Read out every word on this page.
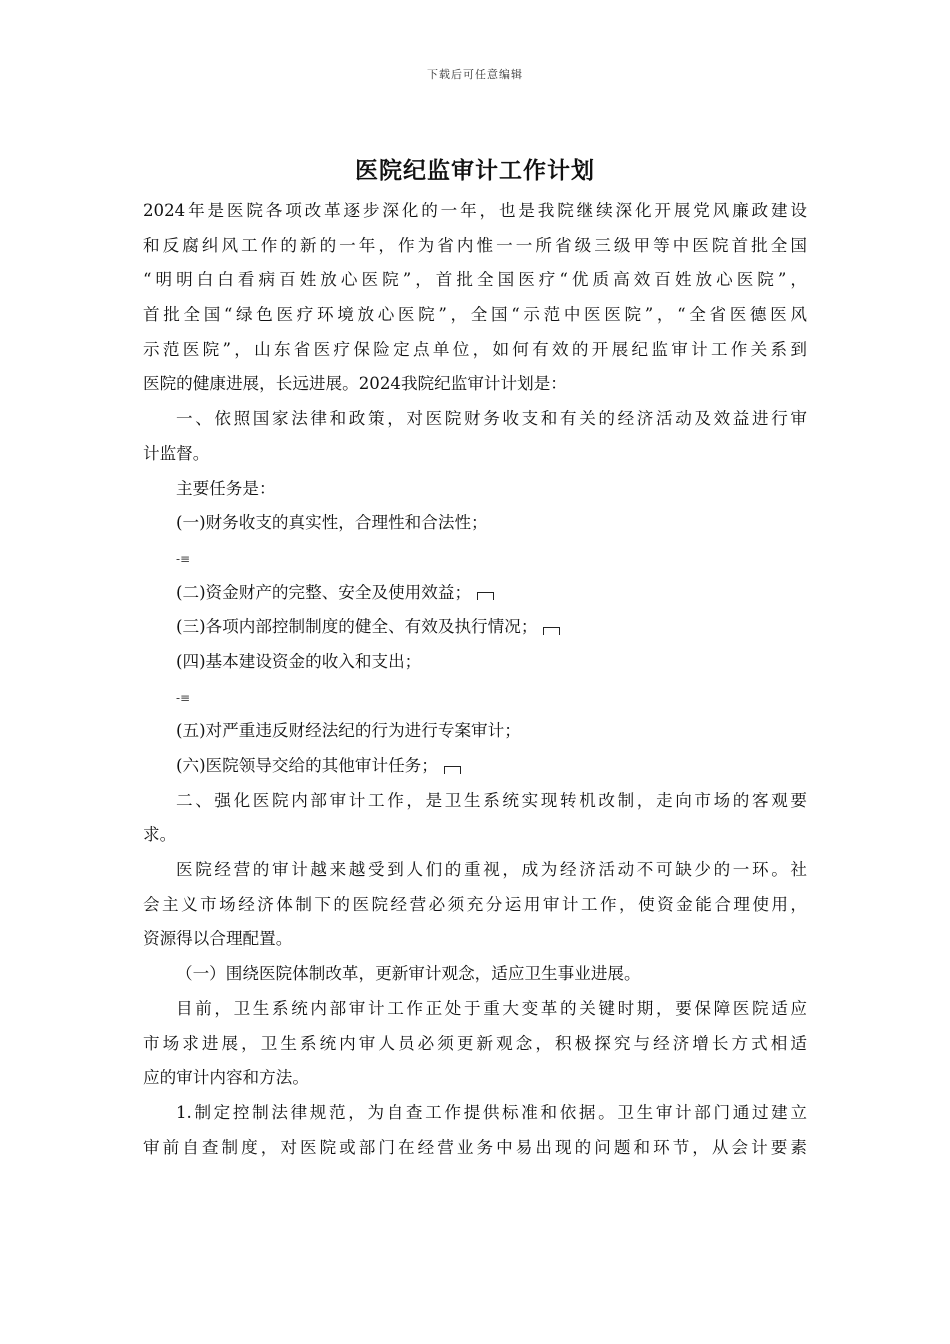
下载后可任意编辑
医院纪监审计工作计划
2024年是医院各项改革逐步深化的一年，也是我院继续深化开展党风廉政建设
和反腐纠风工作的新的一年，作为省内惟一一所省级三级甲等中医院首批全国
“明明白白看病百姓放心医院”，首批全国医疗“优质高效百姓放心医院”，
首批全国“绿色医疗环境放心医院”，全国“示范中医医院”，“全省医德医风
示范医院”，山东省医疗保险定点单位，如何有效的开展纪监审计工作关系到
医院的健康进展，长远进展。2024我院纪监审计计划是：
一、依照国家法律和政策，对医院财务收支和有关的经济活动及效益进行审
计监督。
主要任务是：
(一)财务收支的真实性，合理性和合法性；
-≡
(二)资金财产的完整、安全及使用效益；
(三)各项内部控制制度的健全、有效及执行情况；
(四)基本建设资金的收入和支出；
-≡
(五)对严重违反财经法纪的行为进行专案审计；
(六)医院领导交给的其他审计任务；
二、强化医院内部审计工作，是卫生系统实现转机改制，走向市场的客观要
求。
医院经营的审计越来越受到人们的重视，成为经济活动不可缺少的一环。社
会主义市场经济体制下的医院经营必须充分运用审计工作，使资金能合理使用，
资源得以合理配置。
（一）围绕医院体制改革，更新审计观念，适应卫生事业进展。
目前，卫生系统内部审计工作正处于重大变革的关键时期，要保障医院适应
市场求进展，卫生系统内审人员必须更新观念，积极探究与经济增长方式相适
应的审计内容和方法。
1.制定控制法律规范，为自查工作提供标准和依据。卫生审计部门通过建立
审前自查制度，对医院或部门在经营业务中易出现的问题和环节，从会计要素
